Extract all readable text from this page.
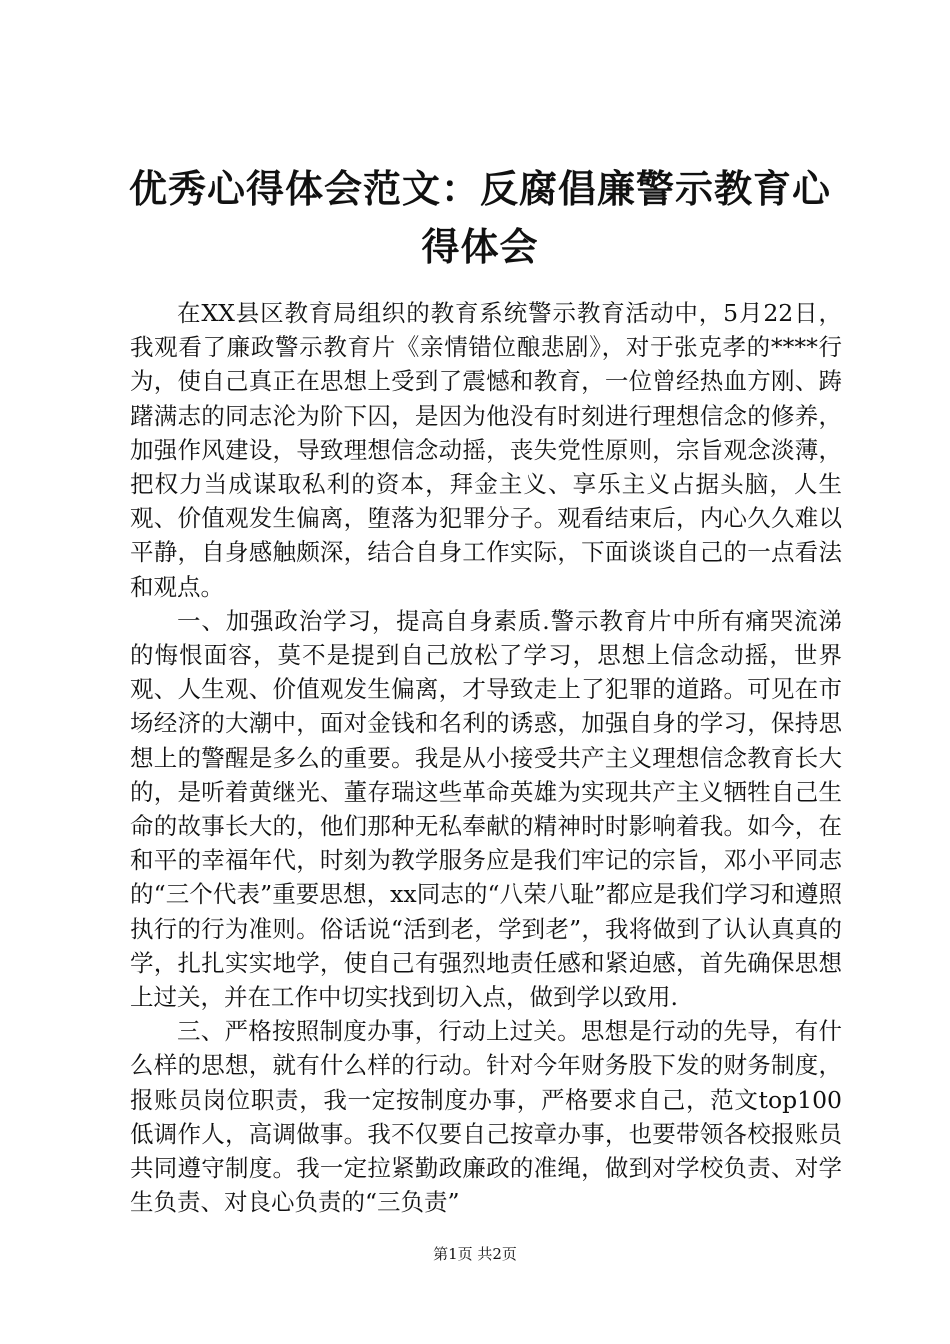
优秀心得体会范文：反腐倡廉警示教育心得体会

在XX县区教育局组织的教育系统警示教育活动中，5月22日，我观看了廉政警示教育片《亲情错位酿悲剧》，对于张克孝的****行为，使自己真正在思想上受到了震憾和教育，一位曾经热血方刚、踌躇满志的同志沦为阶下囚，是因为他没有时刻进行理想信念的修养，加强作风建设，导致理想信念动摇，丧失党性原则，宗旨观念淡薄，把权力当成谋取私利的资本，拜金主义、享乐主义占据头脑，人生观、价值观发生偏离，堕落为犯罪分子。观看结束后，内心久久难以平静，自身感触颇深，结合自身工作实际，下面谈谈自己的一点看法和观点。

一、加强政治学习，提高自身素质.警示教育片中所有痛哭流涕的悔恨面容，莫不是提到自己放松了学习，思想上信念动摇，世界观、人生观、价值观发生偏离，才导致走上了犯罪的道路。可见在市场经济的大潮中，面对金钱和名利的诱惑，加强自身的学习，保持思想上的警醒是多么的重要。我是从小接受共产主义理想信念教育长大的，是听着黄继光、董存瑞这些革命英雄为实现共产主义牺牲自己生命的故事长大的，他们那种无私奉献的精神时时影响着我。如今，在和平的幸福年代，时刻为教学服务应是我们牢记的宗旨，邓小平同志的“三个代表”重要思想，xx同志的“八荣八耻”都应是我们学习和遵照执行的行为准则。俗话说“活到老，学到老”，我将做到了认认真真的学，扎扎实实地学，使自己有强烈地责任感和紧迫感，首先确保思想上过关，并在工作中切实找到切入点，做到学以致用.

三、严格按照制度办事，行动上过关。思想是行动的先导，有什么样的思想，就有什么样的行动。针对今年财务股下发的财务制度，报账员岗位职责，我一定按制度办事，严格要求自己，范文top100低调作人，高调做事。我不仅要自己按章办事，也要带领各校报账员共同遵守制度。我一定拉紧勤政廉政的准绳，做到对学校负责、对学生负责、对良心负责的“三负责”

第1页 共2页
